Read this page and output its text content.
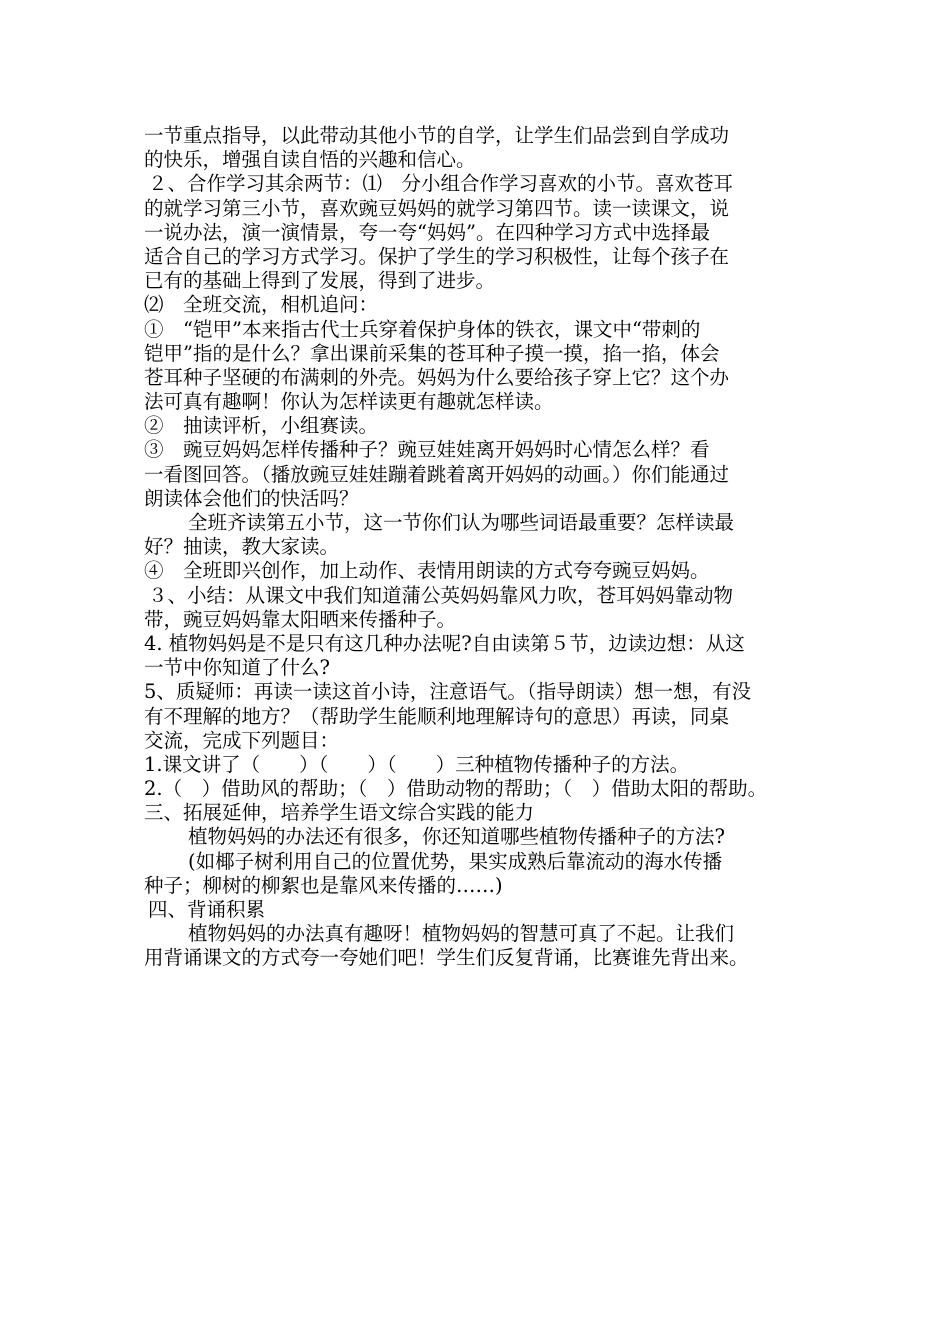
一节重点指导，以此带动其他小节的自学，让学生们品尝到自学成功
的快乐，增强自读自悟的兴趣和信心。
２、合作学习其余两节：⑴　分小组合作学习喜欢的小节。喜欢苍耳
的就学习第三小节，喜欢豌豆妈妈的就学习第四节。读一读课文，说
一说办法，演一演情景，夸一夸“妈妈”。在四种学习方式中选择最
适合自己的学习方式学习。保护了学生的学习积极性，让每个孩子在
已有的基础上得到了发展，得到了进步。
⑵　全班交流，相机追问：
①　“铠甲”本来指古代士兵穿着保护身体的铁衣，课文中“带刺的
铠甲”指的是什么？拿出课前采集的苍耳种子摸一摸，掐一掐，体会
苍耳种子坚硬的布满刺的外壳。妈妈为什么要给孩子穿上它？这个办
法可真有趣啊！你认为怎样读更有趣就怎样读。
②　抽读评析，小组赛读。
③　豌豆妈妈怎样传播种子？豌豆娃娃离开妈妈时心情怎么样？看
一看图回答。（播放豌豆娃娃蹦着跳着离开妈妈的动画。）你们能通过
朗读体会他们的快活吗？
全班齐读第五小节，这一节你们认为哪些词语最重要？怎样读最
好？抽读，教大家读。
④　全班即兴创作，加上动作、表情用朗读的方式夸夸豌豆妈妈。
３、小结：从课文中我们知道蒲公英妈妈靠风力吹，苍耳妈妈靠动物
带，豌豆妈妈靠太阳晒来传播种子。
4. 植物妈妈是不是只有这几种办法呢?自由读第５节，边读边想：从这
一节中你知道了什么?
5、质疑师：再读一读这首小诗，注意语气。（指导朗读）想一想，有没
有不理解的地方？（帮助学生能顺利地理解诗句的意思）再读，同桌
交流，完成下列题目：
1.课文讲了（　　）（　　）（　　）三种植物传播种子的方法。
2.（　）借助风的帮助；（　）借助动物的帮助；（　）借助太阳的帮助。
三、拓展延伸，培养学生语文综合实践的能力
植物妈妈的办法还有很多，你还知道哪些植物传播种子的方法?
(如椰子树利用自己的位置优势，果实成熟后靠流动的海水传播
种子；柳树的柳絮也是靠风来传播的……)
四、背诵积累
植物妈妈的办法真有趣呀！植物妈妈的智慧可真了不起。让我们
用背诵课文的方式夸一夸她们吧！学生们反复背诵，比赛谁先背出来。
